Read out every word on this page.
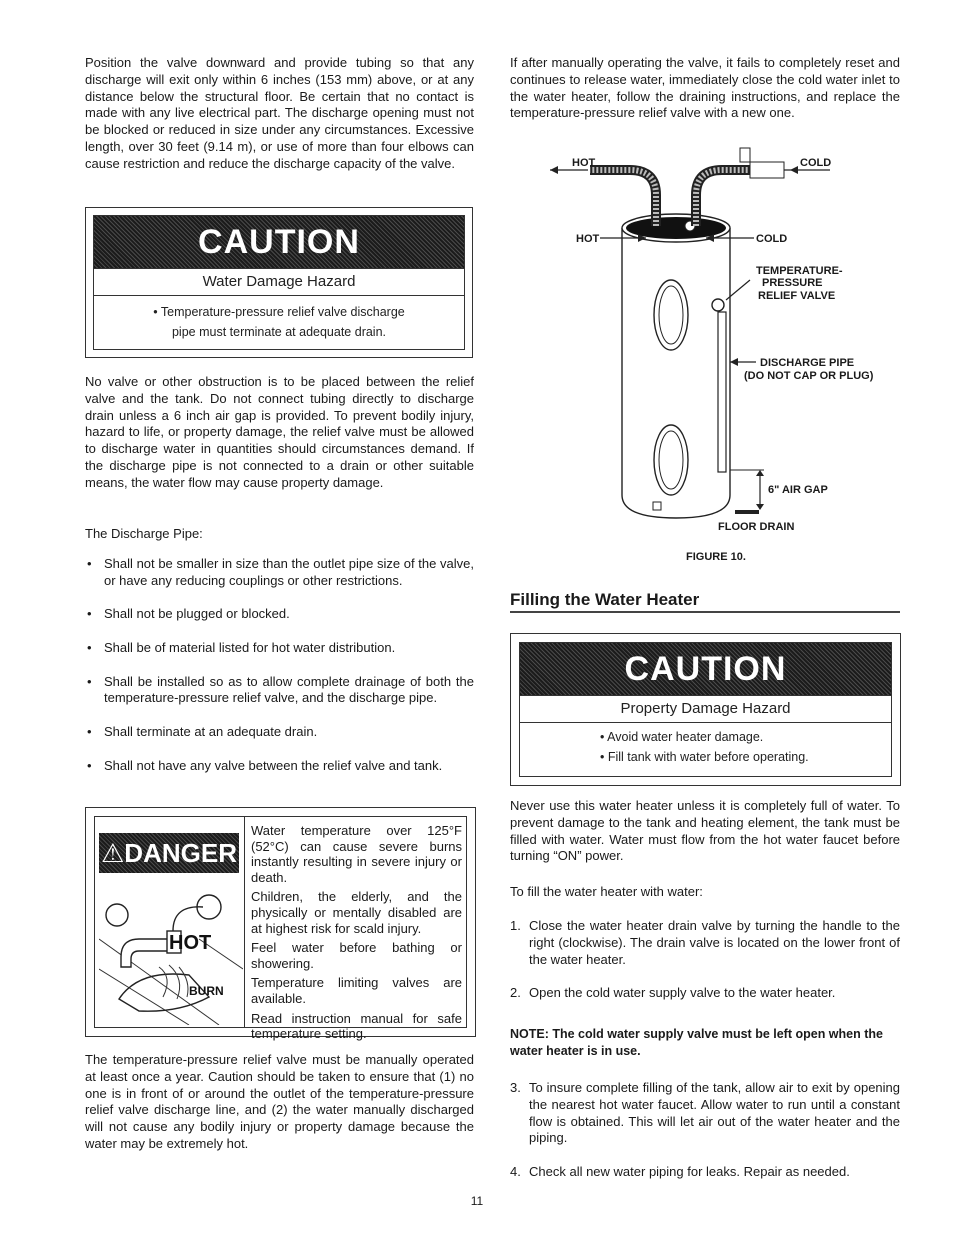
Position the valve downward and provide tubing so that any discharge will exit only within 6 inches (153 mm) above, or at any distance below the structural floor. Be certain that no contact is made with any live electrical part. The discharge opening must not be blocked or reduced in size under any circumstances. Excessive length, over 30 feet (9.14 m), or use of more than four elbows can cause restriction and reduce the discharge capacity of the valve.

CAUTION
Water Damage Hazard
• Temperature-pressure relief valve discharge
pipe must terminate at adequate drain.

No valve or other obstruction is to be placed between the relief valve and the tank. Do not connect tubing directly to discharge drain unless a 6 inch air gap is provided. To prevent bodily injury, hazard to life, or property damage, the relief valve must be allowed to discharge water in quantities should circumstances demand. If the discharge pipe is not connected to a drain or other suitable means, the water flow may cause property damage.

The Discharge Pipe:

• Shall not be smaller in size than the outlet pipe size of the valve, or have any reducing couplings or other restrictions.
• Shall not be plugged or blocked.
• Shall be of material listed for hot water distribution.
• Shall be installed so as to allow complete drainage of both the temperature-pressure relief valve, and the discharge pipe.
• Shall terminate at an adequate drain.
• Shall not have any valve between the relief valve and tank.
⚠DANGER
HOT
BURN

Water temperature over 125°F (52°C) can cause severe burns instantly resulting in severe injury or death.

Children, the elderly, and the physically or mentally disabled are at highest risk for scald injury.

Feel water before bathing or showering.

Temperature limiting valves are available.

Read instruction manual for safe temperature setting.

The temperature-pressure relief valve must be manually operated at least once a year. Caution should be taken to ensure that (1) no one is in front of or around the outlet of the temperature-pressure relief valve discharge line, and (2) the water manually discharged will not cause any bodily injury or property damage because the water may be extremely hot.

If after manually operating the valve, it fails to completely reset and continues to release water, immediately close the cold water inlet to the water heater, follow the draining instructions, and replace the temperature-pressure relief valve with a new one.

HOT	COLD
HOT	COLD
TEMPERATURE-
PRESSURE
RELIEF VALVE
DISCHARGE PIPE
(DO NOT CAP OR PLUG)
6" AIR GAP
FLOOR DRAIN
FIGURE 10.
Filling the Water Heater
CAUTION
Property Damage Hazard
• Avoid water heater damage.
• Fill tank with water before operating.

Never use this water heater unless it is completely full of water. To prevent damage to the tank and heating element, the tank must be filled with water. Water must flow from the hot water faucet before turning “ON” power.

To fill the water heater with water:

1. Close the water heater drain valve by turning the handle to the right (clockwise). The drain valve is located on the lower front of the water heater.
2. Open the cold water supply valve to the water heater.
NOTE: The cold water supply valve must be left open when the water heater is in use.
3. To insure complete filling of the tank, allow air to exit by opening the nearest hot water faucet. Allow water to run until a constant flow is obtained. This will let air out of the water heater and the piping.
4. Check all new water piping for leaks. Repair as needed.
11
